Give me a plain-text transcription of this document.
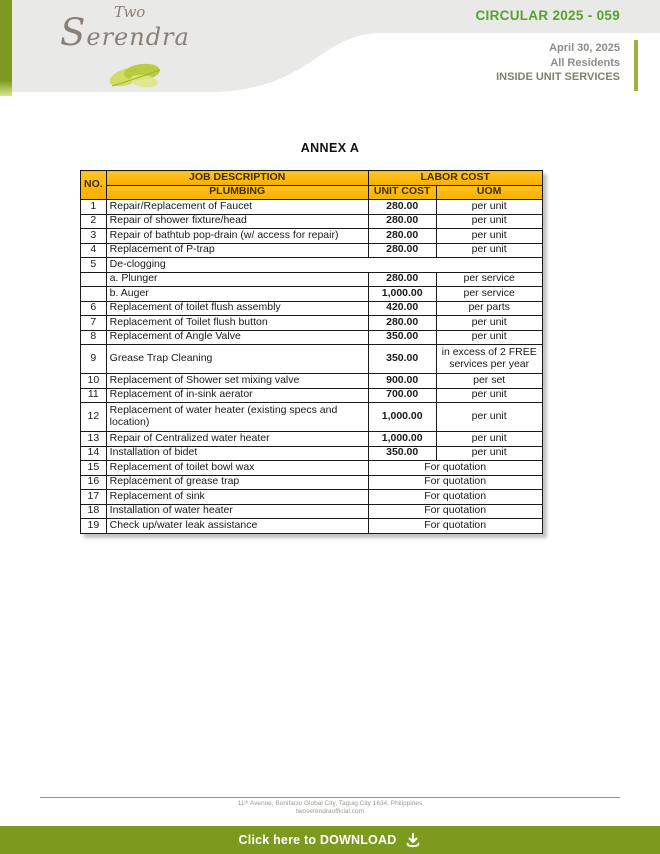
Two
Serendra
CIRCULAR 2025 - 059
April 30, 2025
All Residents
INSIDE UNIT SERVICES
ANNEX A
NO.	JOB DESCRIPTION	LABOR COST	
	PLUMBING	UNIT COST	UOM
1	Repair/Replacement of Faucet	280.00	per unit
2	Repair of shower fixture/head	280.00	per unit
3	Repair of bathtub pop-drain (w/ access for repair)	280.00	per unit
4	Replacement of P-trap	280.00	per unit
5	De-clogging		
	a. Plunger	280.00	per service
	b. Auger	1,000.00	per service
6	Replacement of toilet flush assembly	420.00	per parts
7	Replacement of Toilet flush button	280.00	per unit
8	Replacement of Angle Valve	350.00	per unit
9	Grease Trap Cleaning	350.00	in excess of 2 FREE services per year
10	Replacement of Shower set mixing valve	900.00	per set
11	Replacement of in-sink aerator	700.00	per unit
12	Replacement of water heater (existing specs and location)	1,000.00	per unit
13	Repair of Centralized water heater	1,000.00	per unit
14	Installation of bidet	350.00	per unit
15	Replacement of toilet bowl wax	For quotation	
16	Replacement of grease trap	For quotation	
17	Replacement of sink	For quotation	
18	Installation of water heater	For quotation	
19	Check up/water leak assistance	For quotation	
11ᵗʰ Avenue, Bonifacio Global City, Taguig City 1634, Philippines
twoserendraofficial.com
Click here to DOWNLOAD
